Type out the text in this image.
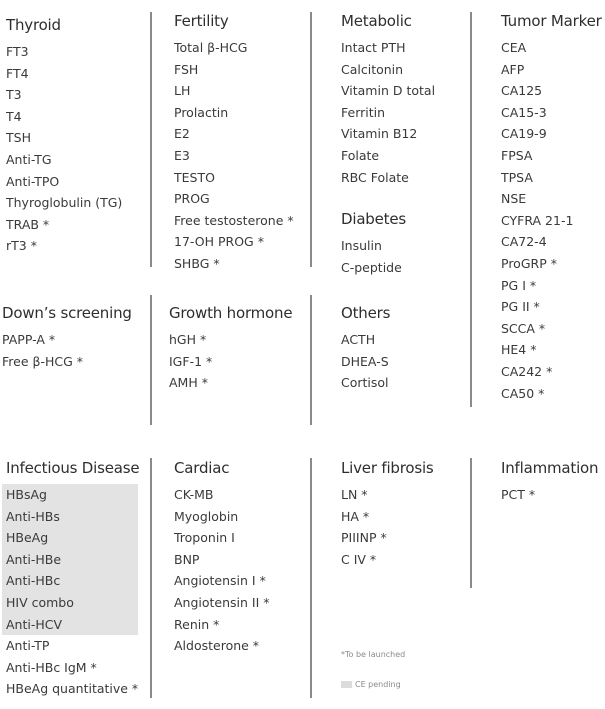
Thyroid
FT3
FT4
T3
T4
TSH
Anti-TG
Anti-TPO
Thyroglobulin (TG)
TRAB *
rT3 *
Fertility
Total β-HCG
FSH
LH
Prolactin
E2
E3
TESTO
PROG
Free testosterone *
17-OH PROG *
SHBG *
Metabolic
Intact PTH
Calcitonin
Vitamin D total
Ferritin
Vitamin B12
Folate
RBC Folate
Diabetes
Insulin
C-peptide
Tumor Marker
CEA
AFP
CA125
CA15-3
CA19-9
FPSA
TPSA
NSE
CYFRA 21-1
CA72-4
ProGRP *
PG I *
PG II *
SCCA *
HE4 *
CA242 *
CA50 *
Down’s screening
PAPP-A *
Free β-HCG *
Growth hormone
hGH *
IGF-1 *
AMH *
Others
ACTH
DHEA-S
Cortisol
Infectious Disease
HBsAg
Anti-HBs
HBeAg
Anti-HBe
Anti-HBc
HIV combo
Anti-HCV
Anti-TP
Anti-HBc IgM *
HBeAg quantitative *
Cardiac
CK-MB
Myoglobin
Troponin I
BNP
Angiotensin I *
Angiotensin II *
Renin *
Aldosterone *
Liver fibrosis
LN *
HA *
PIIINP *
C IV *
Inflammation
PCT *
*To be launched
CE pending
